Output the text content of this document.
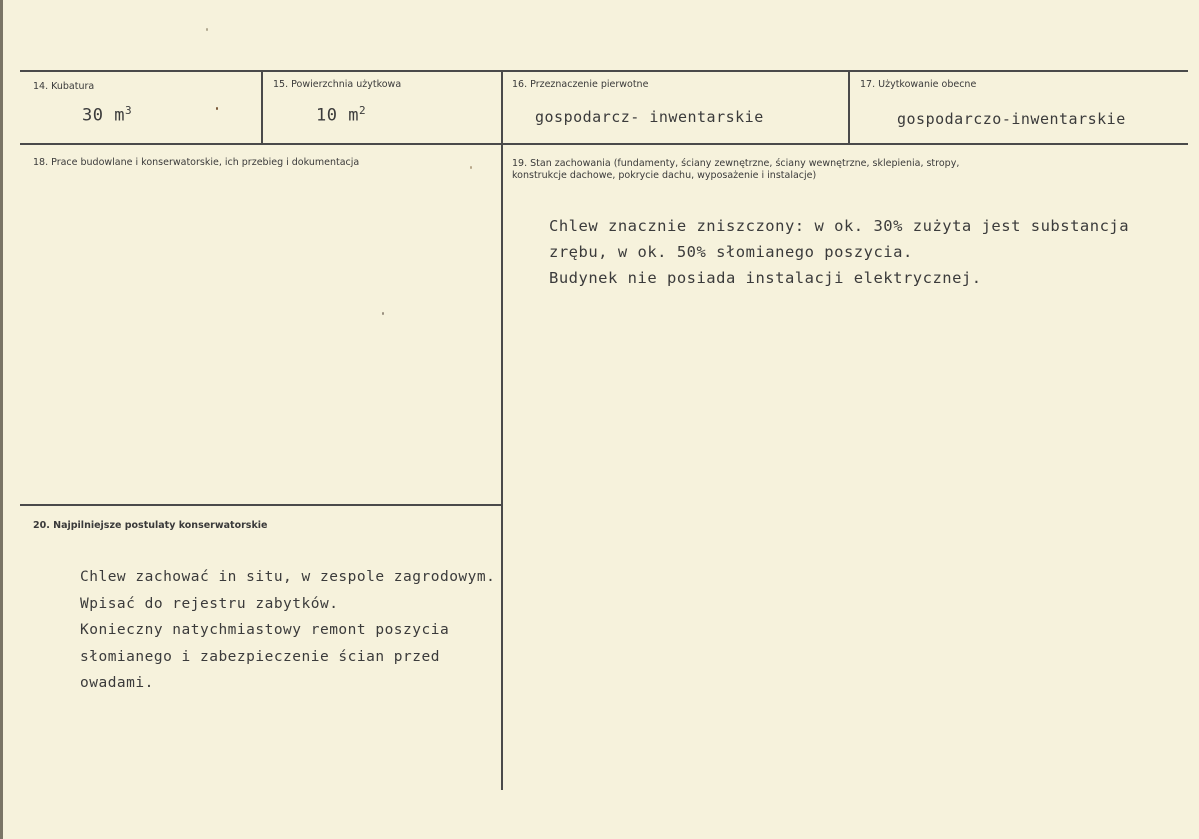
14. Kubatura
30 $m^3$
15. Powierzchnia użytkowa
10 $m^2$
16. Przeznaczenie pierwotne
gospodarcz- inwentarskie
17. Użytkowanie obecne
gospodarczo-inwentarskie
18. Prace budowlane i konserwatorskie, ich przebieg i dokumentacja	19. Stan zachowania (fundamenty, ściany zewnętrzne, ściany wewnętrzne, sklepienia, stropy,
konstrukcje dachowe, pokrycie dachu, wyposażenie i instalacje)
Chlew znacznie zniszczony: w ok. 30% zużyta jest substancja
zrębu, w ok. 50% słomianego poszycia.
Budynek nie posiada instalacji elektrycznej.
20. Najpilniejsze postulaty konserwatorskie
Chlew zachować in situ, w zespole zagrodowym.
Wpisać do rejestru zabytków.
Konieczny natychmiastowy remont poszycia
słomianego i zabezpieczenie ścian przed
owadami.
